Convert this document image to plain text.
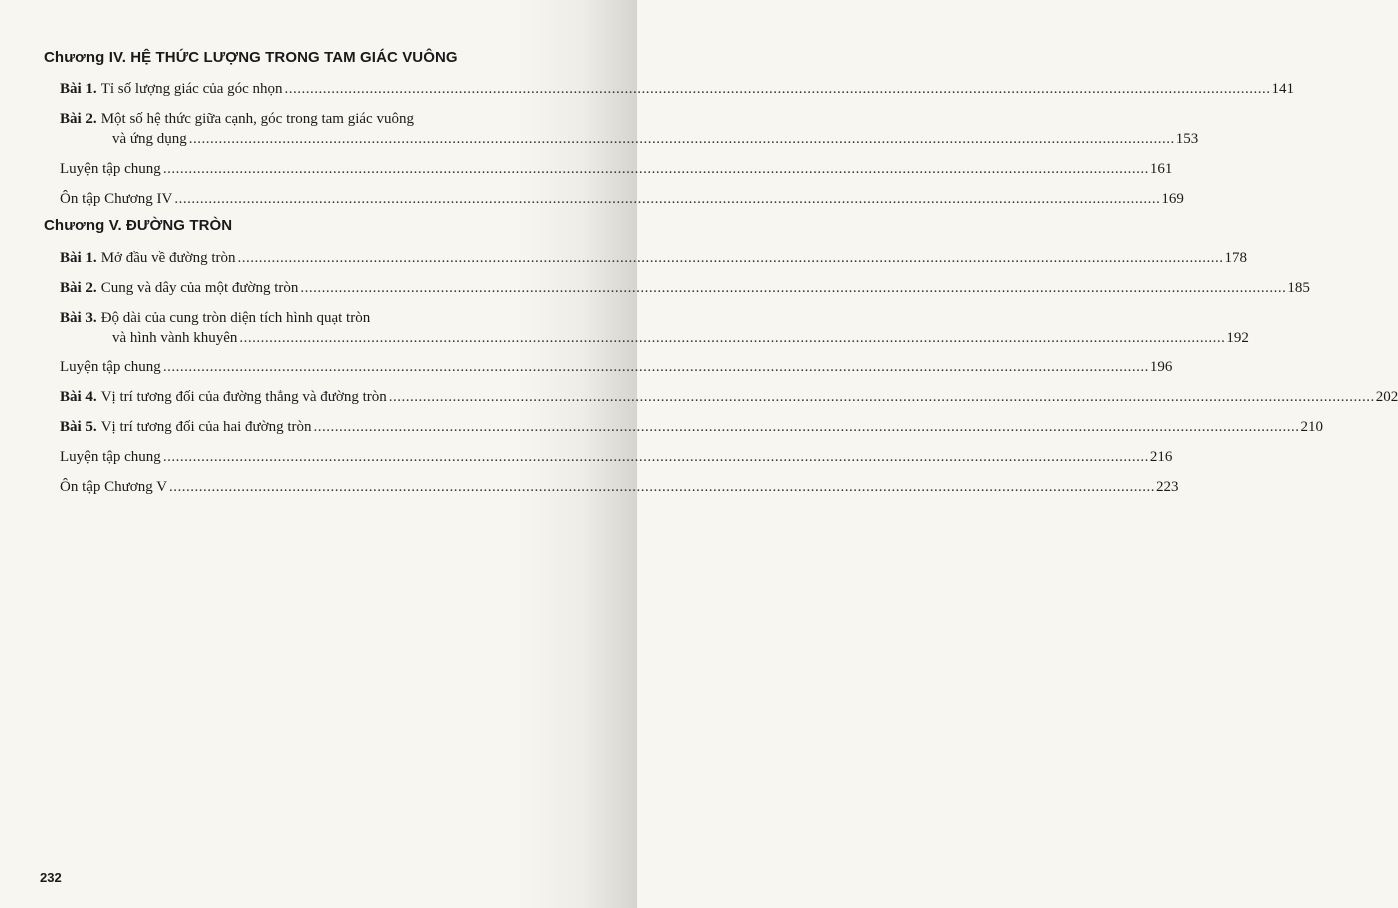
Chương IV. HỆ THỨC LƯỢNG TRONG TAM GIÁC VUÔNG
Bài 1. Tỉ số lượng giác của góc nhọn .....	141
Bài 2. Một số hệ thức giữa cạnh, góc trong tam giác vuông
và ứng dụng .....	153
Luyện tập chung .....	161
Ôn tập Chương IV .....	169
Chương V. ĐƯỜNG TRÒN
Bài 1. Mở đầu về đường tròn .....	178
Bài 2. Cung và dây của một đường tròn .....	185
Bài 3. Độ dài của cung tròn diện tích hình quạt tròn
và hình vành khuyên .....	192
Luyện tập chung .....	196
Bài 4. Vị trí tương đối của đường thẳng và đường tròn .....	202
Bài 5. Vị trí tương đối của hai đường tròn .....	210
Luyện tập chung .....	216
Ôn tập Chương V .....	223
232
